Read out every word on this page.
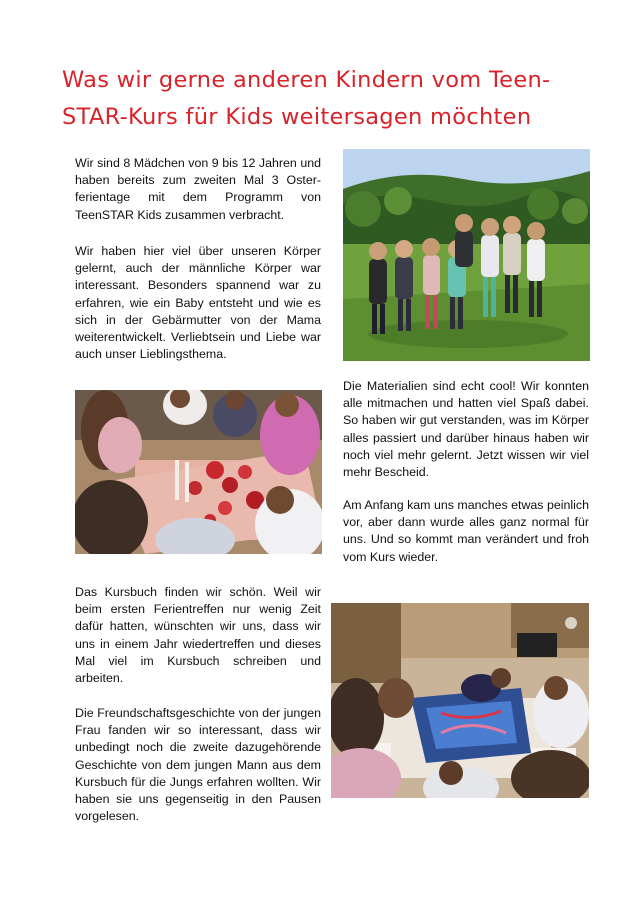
Was wir gerne anderen Kindern vom Teen-STAR-Kurs für Kids weitersagen möchten

Wir sind 8 Mädchen von 9 bis 12 Jahren und haben bereits zum zweiten Mal 3 Osterferientage mit dem Programm von TeenSTAR Kids zusammen verbracht.

Wir haben hier viel über unseren Körper gelernt, auch der männliche Körper war interessant. Besonders spannend war zu erfahren, wie ein Baby entsteht und wie es sich in der Gebärmutter von der Mama weiterentwickelt. Verliebtsein und Liebe war auch unser Lieblingsthema.

Die Materialien sind echt cool! Wir konnten alle mitmachen und hatten viel Spaß dabei. So haben wir gut verstanden, was im Körper alles passiert und darüber hinaus haben wir noch viel mehr gelernt. Jetzt wissen wir viel mehr Bescheid.

Am Anfang kam uns manches etwas peinlich vor, aber dann wurde alles ganz normal für uns. Und so kommt man verändert und froh vom Kurs wieder.

Das Kursbuch finden wir schön. Weil wir beim ersten Ferientreffen nur wenig Zeit dafür hatten, wünschten wir uns, dass wir uns in einem Jahr wiedertreffen und dieses Mal viel im Kursbuch schreiben und arbeiten.

Die Freundschaftsgeschichte von der jungen Frau fanden wir so interessant, dass wir unbedingt noch die zweite dazugehörende Geschichte von dem jungen Mann aus dem Kursbuch für die Jungs erfahren wollten. Wir haben sie uns gegenseitig in den Pausen vorgelesen.
